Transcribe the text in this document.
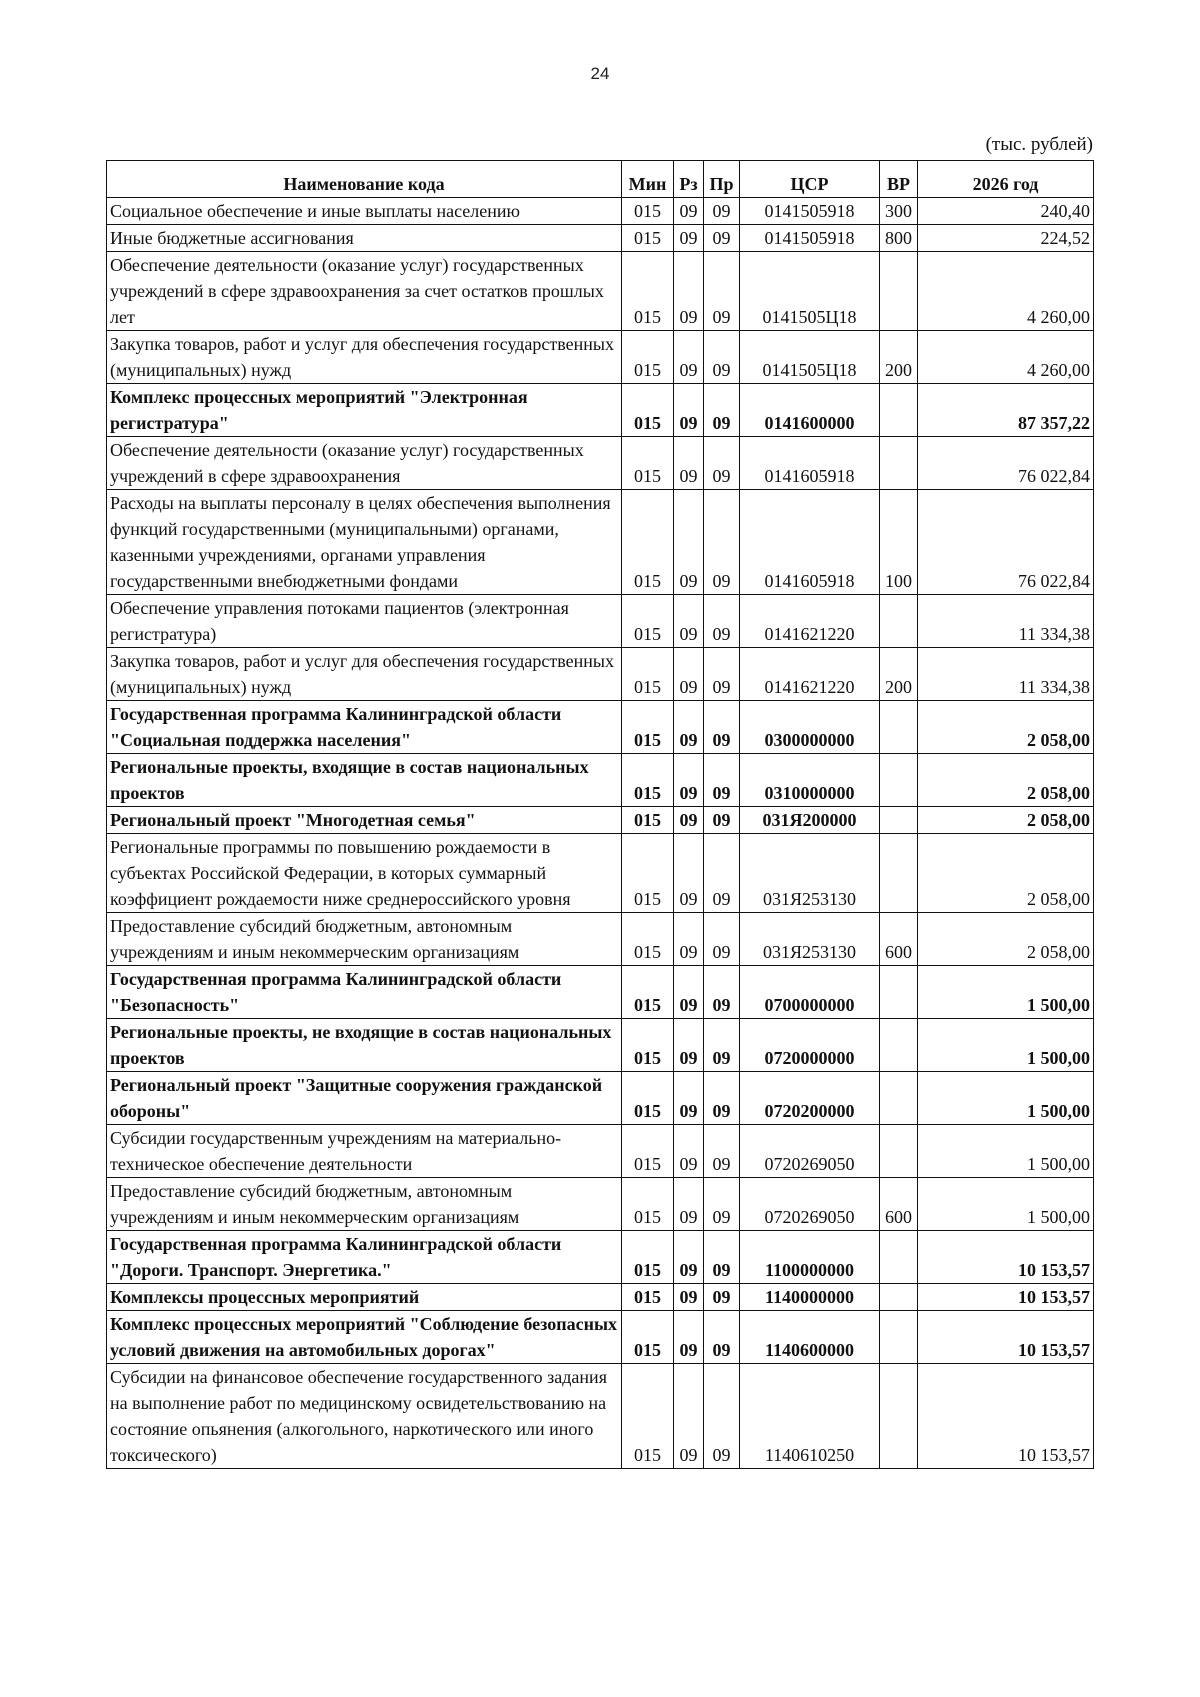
24
(тыс. рублей)
Наименование кода	Мин	Рз	Пр	ЦСР	ВР	2026 год
Социальное обеспечение и иные выплаты населению	015	09	09	0141505918	300	240,40
Иные бюджетные ассигнования	015	09	09	0141505918	800	224,52
Обеспечение деятельности (оказание услуг) государственных учреждений в сфере здравоохранения за счет остатков прошлых лет	015	09	09	0141505Ц18		4 260,00
Закупка товаров, работ и услуг для обеспечения государственных (муниципальных) нужд	015	09	09	0141505Ц18	200	4 260,00
Комплекс процессных мероприятий "Электронная регистратура"	015	09	09	0141600000		87 357,22
Обеспечение деятельности (оказание услуг) государственных учреждений в сфере здравоохранения	015	09	09	0141605918		76 022,84
Расходы на выплаты персоналу в целях обеспечения выполнения функций государственными (муниципальными) органами, казенными учреждениями, органами управления государственными внебюджетными фондами	015	09	09	0141605918	100	76 022,84
Обеспечение управления потоками пациентов (электронная регистратура)	015	09	09	0141621220		11 334,38
Закупка товаров, работ и услуг для обеспечения государственных (муниципальных) нужд	015	09	09	0141621220	200	11 334,38
Государственная программа Калининградской области "Социальная поддержка населения"	015	09	09	0300000000		2 058,00
Региональные проекты, входящие в состав национальных проектов	015	09	09	0310000000		2 058,00
Региональный проект "Многодетная семья"	015	09	09	031Я200000		2 058,00
Региональные программы по повышению рождаемости в субъектах Российской Федерации, в которых суммарный коэффициент рождаемости ниже среднероссийского уровня	015	09	09	031Я253130		2 058,00
Предоставление субсидий бюджетным, автономным учреждениям и иным некоммерческим организациям	015	09	09	031Я253130	600	2 058,00
Государственная программа Калининградской области "Безопасность"	015	09	09	0700000000		1 500,00
Региональные проекты, не входящие в состав национальных проектов	015	09	09	0720000000		1 500,00
Региональный проект "Защитные сооружения гражданской обороны"	015	09	09	0720200000		1 500,00
Субсидии государственным учреждениям на материально-техническое обеспечение деятельности	015	09	09	0720269050		1 500,00
Предоставление субсидий бюджетным, автономным учреждениям и иным некоммерческим организациям	015	09	09	0720269050	600	1 500,00
Государственная программа Калининградской области "Дороги. Транспорт. Энергетика."	015	09	09	1100000000		10 153,57
Комплексы процессных мероприятий	015	09	09	1140000000		10 153,57
Комплекс процессных мероприятий "Соблюдение безопасных условий движения на автомобильных дорогах"	015	09	09	1140600000		10 153,57
Субсидии на финансовое обеспечение государственного задания на выполнение работ по медицинскому освидетельствованию на состояние опьянения (алкогольного, наркотического или иного токсического)	015	09	09	1140610250		10 153,57
